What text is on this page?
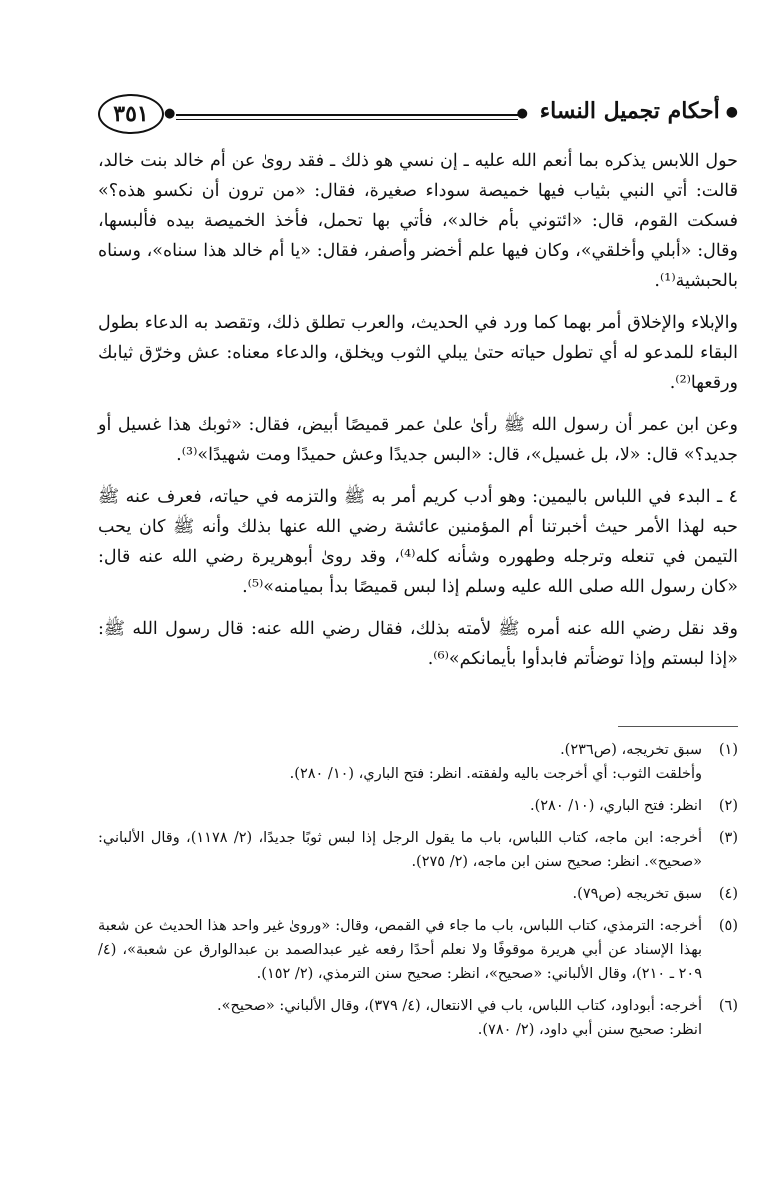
●أحكام تجميل النساء
●
●
٣٥١

حول اللابس يذكره بما أنعم الله عليه ـ إن نسي هو ذلك ـ فقد روىٰ عن أم خالد بنت خالد، قالت: أتي النبي بثياب فيها خميصة سوداء صغيرة، فقال: «من ترون أن نكسو هذه؟» فسكت القوم، قال: «ائتوني بأم خالد»، فأتي بها تحمل، فأخذ الخميصة بيده فألبسها، وقال: «أبلي وأخلقي»، وكان فيها علم أخضر وأصفر، فقال: «يا أم خالد هذا سناه»، وسناه بالحبشية⁽¹⁾.

والإبلاء والإخلاق أمر بهما كما ورد في الحديث، والعرب تطلق ذلك، وتقصد به الدعاء بطول البقاء للمدعو له أي تطول حياته حتىٰ يبلي الثوب ويخلق، والدعاء معناه: عش وخرّق ثيابك ورقعها⁽²⁾.

وعن ابن عمر أن رسول الله ﷺ رأىٰ علىٰ عمر قميصًا أبيض، فقال: «ثوبك هذا غسيل أو جديد؟» قال: «لا، بل غسيل»، قال: «البس جديدًا وعش حميدًا ومت شهيدًا»⁽³⁾.

٤ ـ البدء في اللباس باليمين: وهو أدب كريم أمر به ﷺ والتزمه في حياته، فعرف عنه ﷺ حبه لهذا الأمر حيث أخبرتنا أم المؤمنين عائشة رضي الله عنها بذلك وأنه ﷺ كان يحب التيمن في تنعله وترجله وطهوره وشأنه كله⁽⁴⁾، وقد روىٰ أبوهريرة رضي الله عنه قال: «كان رسول الله صلى الله عليه وسلم إذا لبس قميصًا بدأ بميامنه»⁽⁵⁾.

وقد نقل رضي الله عنه أمره ﷺ لأمته بذلك، فقال رضي الله عنه: قال رسول الله ﷺ: «إذا لبستم وإذا توضأتم فابدأوا بأيمانكم»⁽⁶⁾.

(١)
سبق تخريجه، (ص٢٣٦).
وأخلقت الثوب: أي أخرجت باليه ولفقته. انظر: فتح الباري، (١٠/ ٢٨٠).
(٢)
انظر: فتح الباري، (١٠/ ٢٨٠).
(٣)
أخرجه: ابن ماجه، كتاب اللباس، باب ما يقول الرجل إذا لبس ثوبًا جديدًا، (٢/ ١١٧٨)، وقال الألباني: «صحيح». انظر: صحيح سنن ابن ماجه، (٢/ ٢٧٥).
(٤)
سبق تخريجه (ص٧٩).
(٥)
أخرجه: الترمذي، كتاب اللباس، باب ما جاء في القمص، وقال: «ورو‌ىٰ غير واحد هذا الحديث عن شعبة بهذا الإسناد عن أبي هريرة موقوفًا ولا نعلم أحدًا رفعه غير عبدالصمد بن عبدالوارق عن شعبة»، (٤/ ٢٠٩ ـ ٢١٠)، وقال الألباني: «صحيح»، انظر: صحيح سنن الترمذي، (٢/ ١٥٢).
(٦)
أخرجه: أبوداود، كتاب اللباس، باب في الانتعال، (٤/ ٣٧٩)، وقال الألباني: «صحيح».
انظر: صحيح سنن أبي داود، (٢/ ٧٨٠).
